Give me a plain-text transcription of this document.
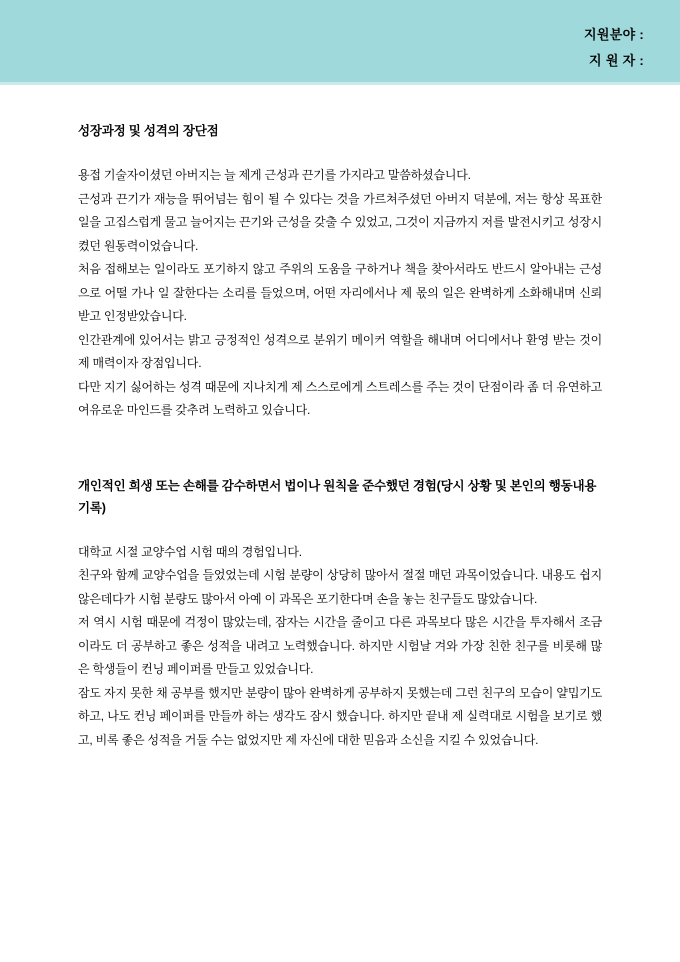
지원분야 :
지 원 자 :
성장과정 및 성격의 장단점

용접 기술자이셨던 아버지는 늘 제게 근성과 끈기를 가지라고 말씀하셨습니다.

근성과 끈기가 재능을 뛰어넘는 힘이 될 수 있다는 것을 가르쳐주셨던 아버지 덕분에, 저는 항상 목표한 일을 고집스럽게 물고 늘어지는 끈기와 근성을 갖출 수 있었고, 그것이 지금까지 저를 발전시키고 성장시켰던 원동력이었습니다.

처음 접해보는 일이라도 포기하지 않고 주위의 도움을 구하거나 책을 찾아서라도 반드시 알아내는 근성으로 어떨 가나 일 잘한다는 소리를 들었으며, 어떤 자리에서나 제 몫의 일은 완벽하게 소화해내며 신뢰받고 인정받았습니다.

인간관계에 있어서는 밝고 긍정적인 성격으로 분위기 메이커 역할을 해내며 어디에서나 환영 받는 것이 제 매력이자 장점입니다.

다만 지기 싫어하는 성격 때문에 지나치게 제 스스로에게 스트레스를 주는 것이 단점이라 좀 더 유연하고 여유로운 마인드를 갖추려 노력하고 있습니다.

개인적인 희생 또는 손해를 감수하면서 법이나 원칙을 준수했던 경험(당시 상황 및 본인의 행동내용 기록)

대학교 시절 교양수업 시험 때의 경험입니다.

친구와 함께 교양수업을 들었었는데 시험 분량이 상당히 많아서 절절 매던 과목이었습니다. 내용도 쉽지 않은데다가 시험 분량도 많아서 아예 이 과목은 포기한다며 손을 놓는 친구들도 많았습니다.

저 역시 시험 때문에 걱정이 많았는데, 잠자는 시간을 줄이고 다른 과목보다 많은 시간을 투자해서 조금이라도 더 공부하고 좋은 성적을 내려고 노력했습니다. 하지만 시험날 겨와 가장 친한 친구를 비롯해 많은 학생들이 컨닝 페이퍼를 만들고 있었습니다.

잠도 자지 못한 채 공부를 했지만 분량이 많아 완벽하게 공부하지 못했는데 그런 친구의 모습이 얄밉기도 하고, 나도 컨닝 페이퍼를 만들까 하는 생각도 잠시 했습니다. 하지만 끝내 제 실력대로 시험을 보기로 했고, 비록 좋은 성적을 거둘 수는 없었지만 제 자신에 대한 믿음과 소신을 지킬 수 있었습니다.
